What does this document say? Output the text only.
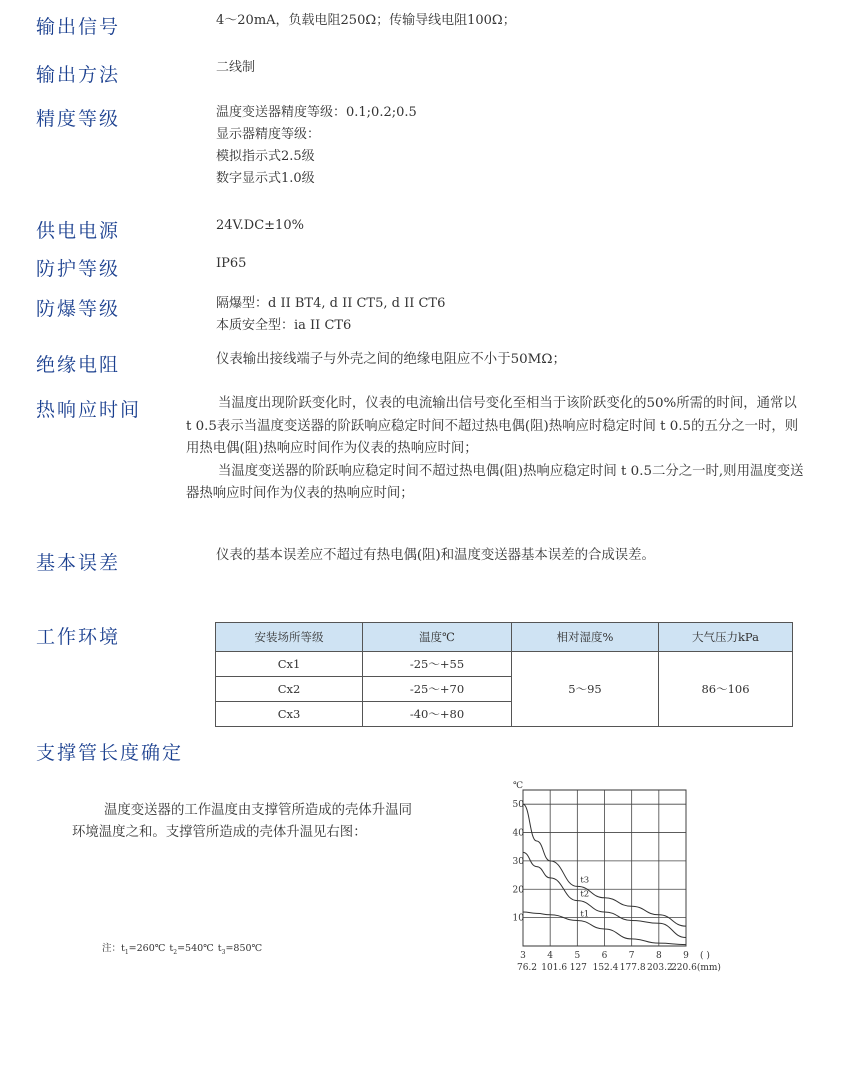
输出信号	4～20mA，负载电阻250Ω；传输导线电阻100Ω；
输出方法	二线制
精度等级	温度变送器精度等级：0.1;0.2;0.5
显示器精度等级：
模拟指示式2.5级
数字显示式1.0级
供电电源	24V.DC±10%
防护等级	IP65
防爆等级	隔爆型：d II BT4, d II CT5, d II CT6
本质安全型：ia II CT6
绝缘电阻	仪表输出接线端子与外壳之间的绝缘电阻应不小于50MΩ；
热响应时间	当温度出现阶跃变化时，仪表的电流输出信号变化至相当于该阶跃变化的50%所需的时间，通常以 t 0.5表示当温度变送器的阶跃响应稳定时间不超过热电偶(阻)热响应时稳定时间 t 0.5的五分之一时，则用热电偶(阻)热响应时间作为仪表的热响应时间；

当温度变送器的阶跃响应稳定时间不超过热电偶(阻)热响应稳定时间 t 0.5二分之一时,则用温度变送器热响应时间作为仪表的热响应时间；

基本误差	仪表的基本误差应不超过有热电偶(阻)和温度变送器基本误差的合成误差。
工作环境	安装场所等级	温度℃	相对湿度%	大气压力kPa
Cx1	-25～+55	5～95	86～106
Cx2	-25～+70		
Cx3	-40～+80		
支撑管长度确定

温度变送器的工作温度由支撑管所造成的壳体升温同环境温度之和。支撑管所造成的壳体升温见右图：

注：$t_1=260℃$ $t_2=540℃$ $t_3=850℃$
3 4 5 6 7 8 9
10
20
30
40
50
℃
( )
76.2 101.6 127 152.4 177.8 203.2
220.6(mm)
t3
t2
t1
